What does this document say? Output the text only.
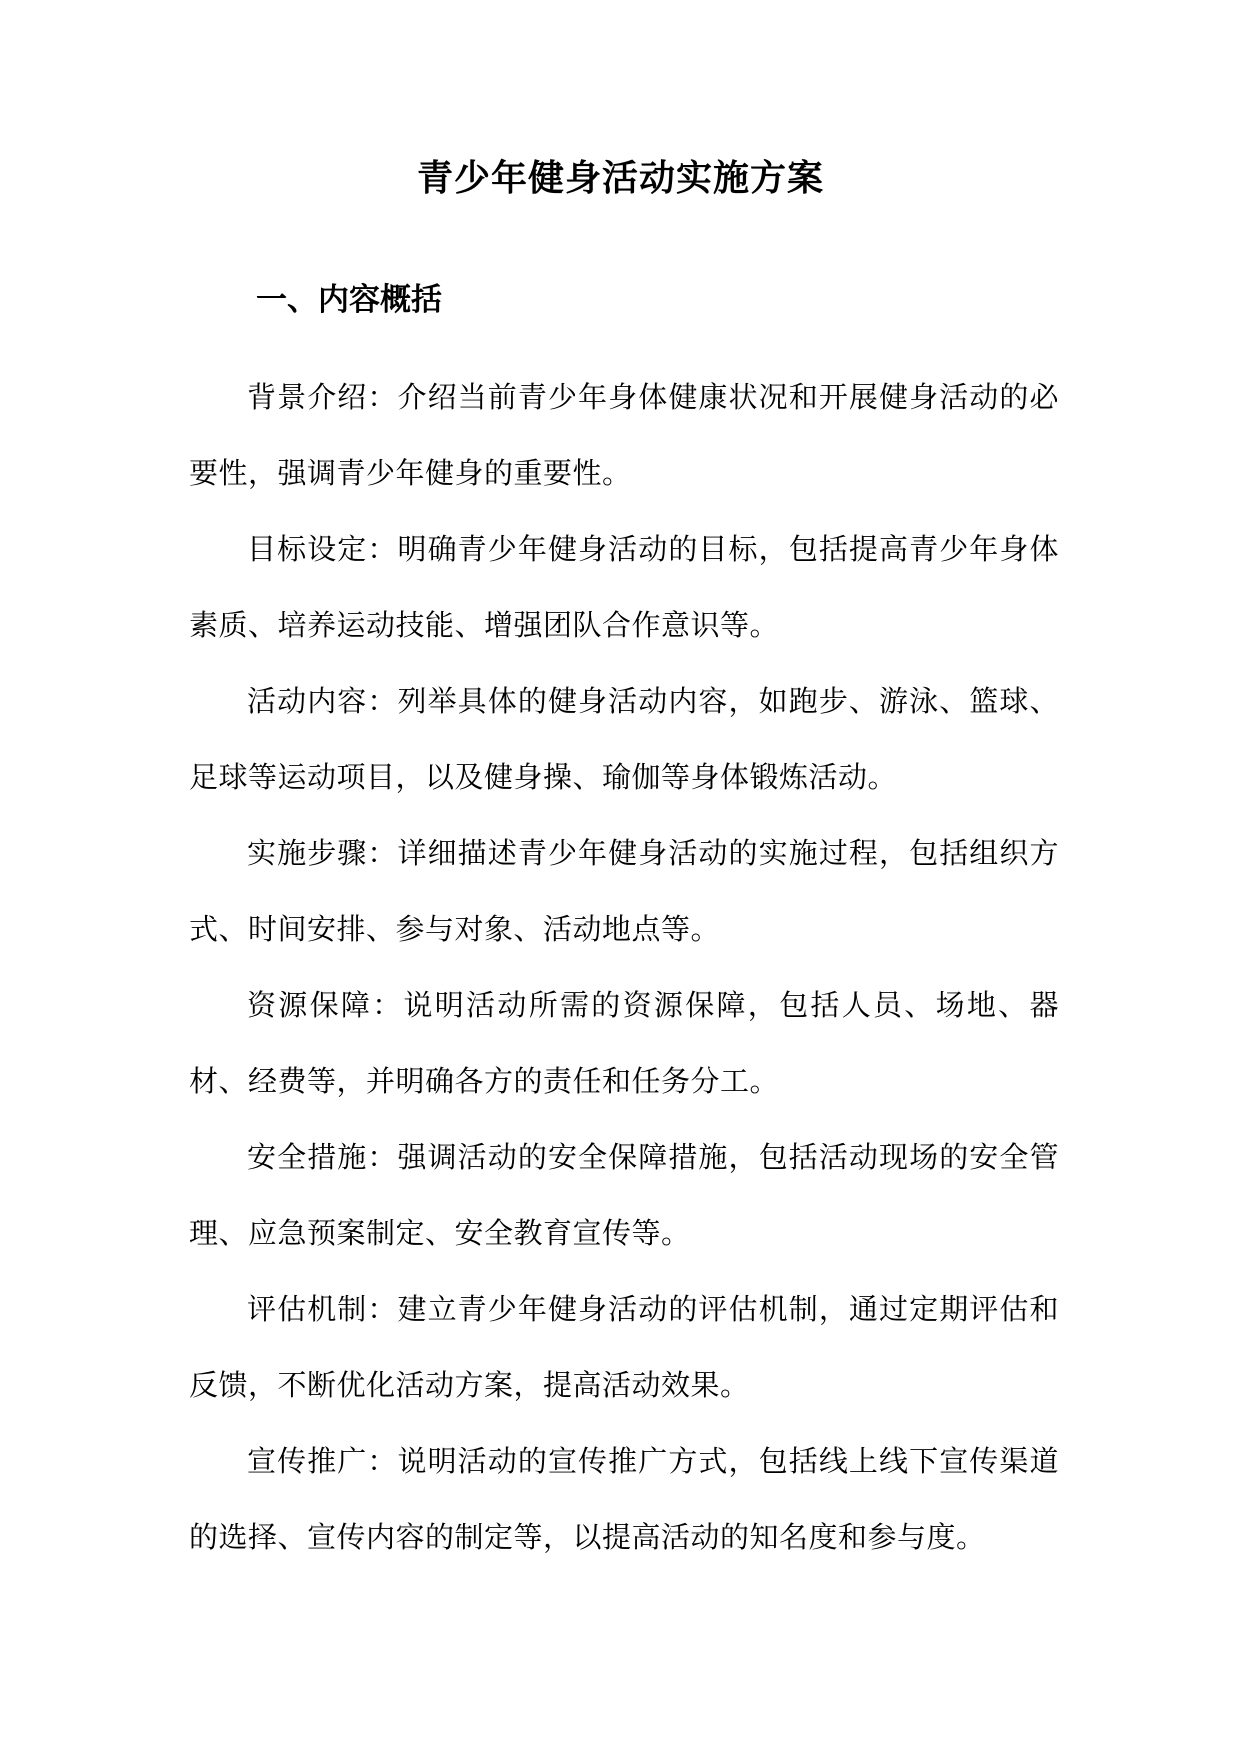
青少年健身活动实施方案
一、内容概括

背景介绍：介绍当前青少年身体健康状况和开展健身活动的必要性，强调青少年健身的重要性。

目标设定：明确青少年健身活动的目标，包括提高青少年身体素质、培养运动技能、增强团队合作意识等。

活动内容：列举具体的健身活动内容，如跑步、游泳、篮球、足球等运动项目，以及健身操、瑜伽等身体锻炼活动。

实施步骤：详细描述青少年健身活动的实施过程，包括组织方式、时间安排、参与对象、活动地点等。

资源保障：说明活动所需的资源保障，包括人员、场地、器材、经费等，并明确各方的责任和任务分工。

安全措施：强调活动的安全保障措施，包括活动现场的安全管理、应急预案制定、安全教育宣传等。

评估机制：建立青少年健身活动的评估机制，通过定期评估和反馈，不断优化活动方案，提高活动效果。

宣传推广：说明活动的宣传推广方式，包括线上线下宣传渠道的选择、宣传内容的制定等，以提高活动的知名度和参与度。
